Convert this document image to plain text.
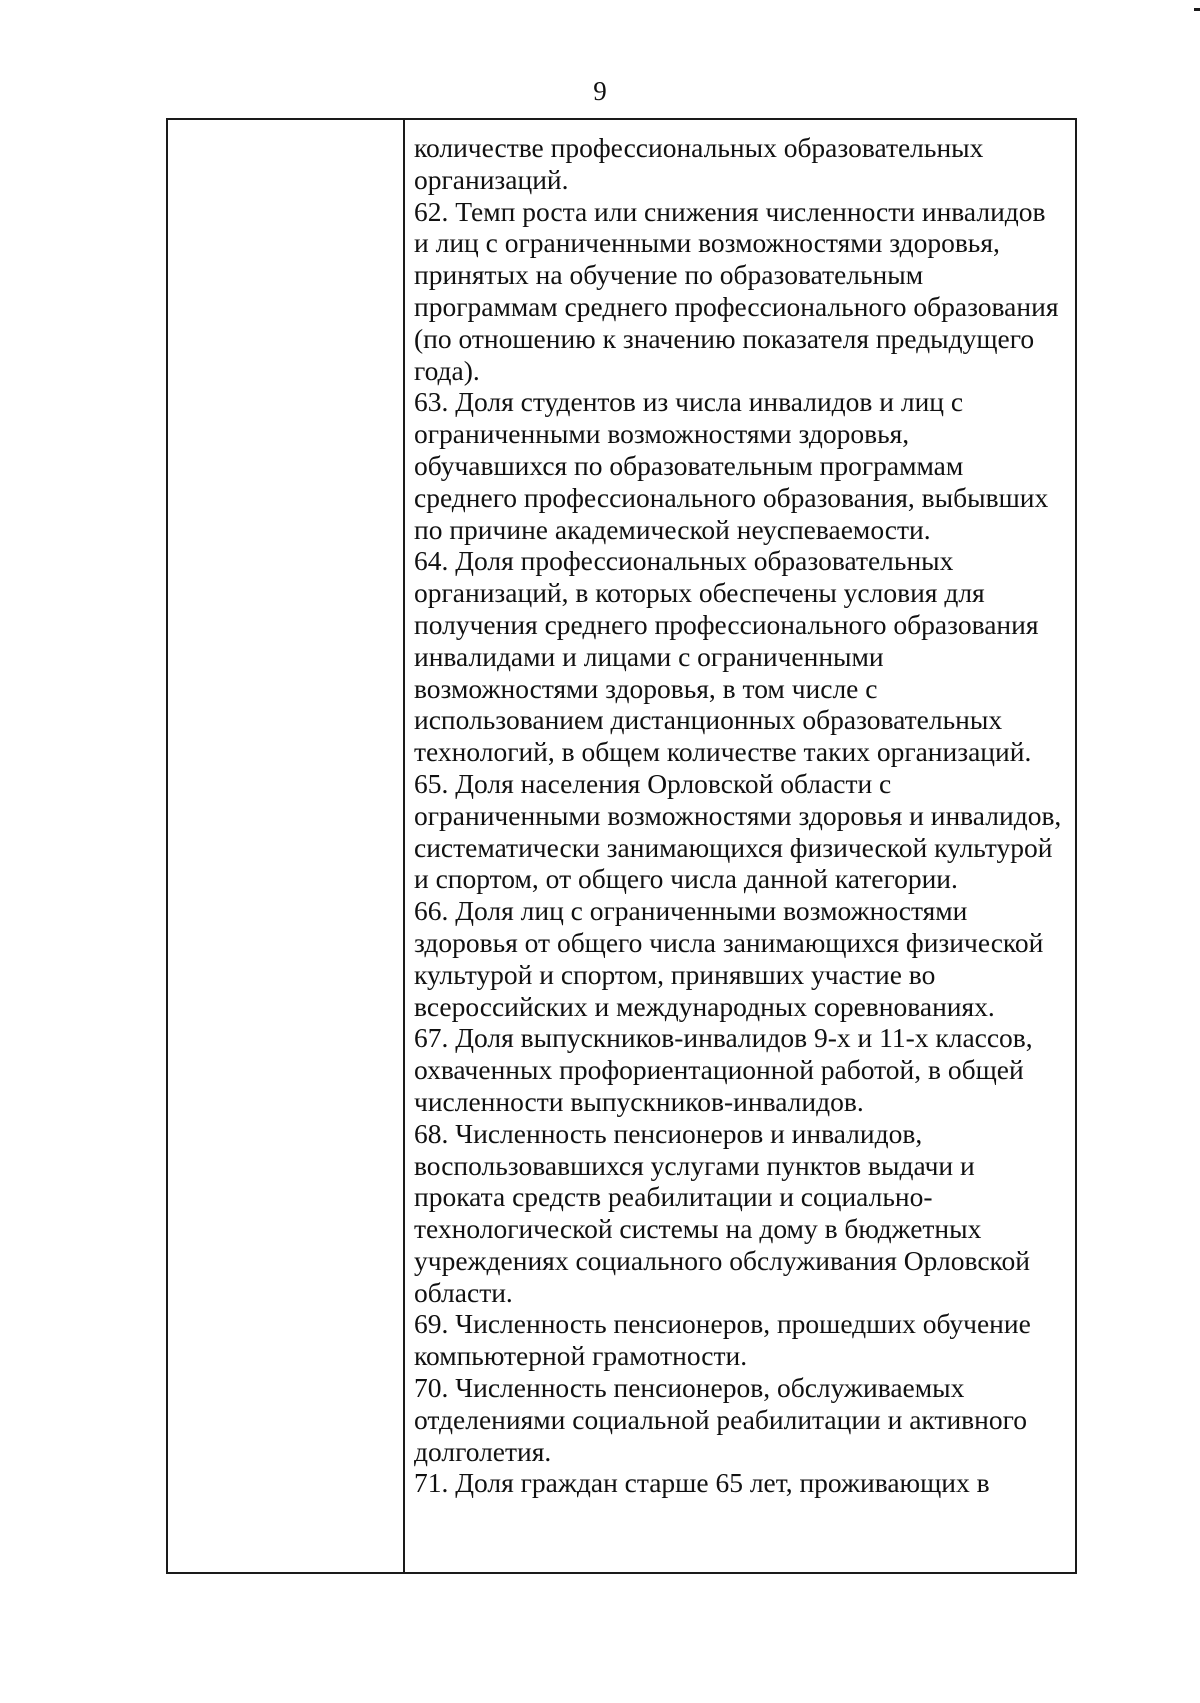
9

количестве профессиональных образовательных организаций.

62. Темп роста или снижения численности инвалидов и лиц с ограниченными возможностями здоровья, принятых на обучение по образовательным программам среднего профессионального образования (по отношению к значению показателя предыдущего года).

63. Доля студентов из числа инвалидов и лиц с ограниченными возможностями здоровья, обучавшихся по образовательным программам среднего профессионального образования, выбывших по причине академической неуспеваемости.

64. Доля профессиональных образовательных организаций, в которых обеспечены условия для получения среднего профессионального образования инвалидами и лицами с ограниченными возможностями здоровья, в том числе с использованием дистанционных образовательных технологий, в общем количестве таких организаций.

65. Доля населения Орловской области с ограниченными возможностями здоровья и инвалидов, систематически занимающихся физической культурой и спортом, от общего числа данной категории.

66. Доля лиц с ограниченными возможностями здоровья от общего числа занимающихся физической культурой и спортом, принявших участие во всероссийских и международных соревнованиях.

67. Доля выпускников-инвалидов 9-х и 11-х классов, охваченных профориентационной работой, в общей численности выпускников-инвалидов.

68. Численность пенсионеров и инвалидов, воспользовавшихся услугами пунктов выдачи и проката средств реабилитации и социально-технологической системы на дому в бюджетных учреждениях социального обслуживания Орловской области.

69. Численность пенсионеров, прошедших обучение компьютерной грамотности.

70. Численность пенсионеров, обслуживаемых отделениями социальной реабилитации и активного долголетия.

71. Доля граждан старше 65 лет, проживающих в
